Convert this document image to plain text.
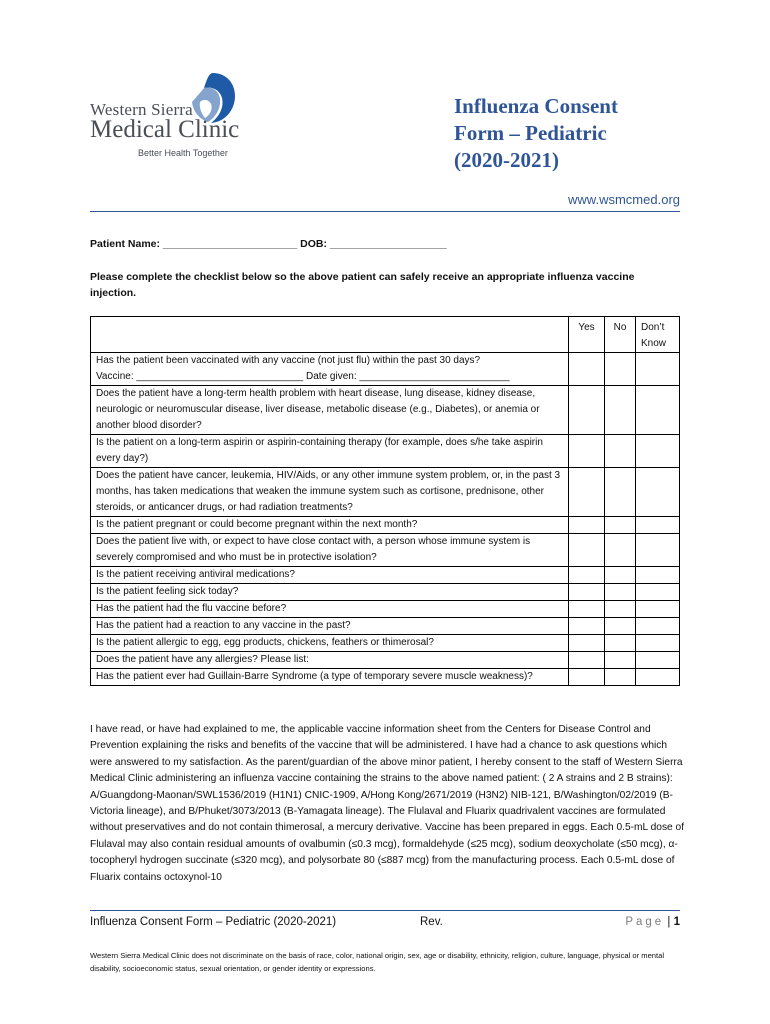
Western Sierra
Medical Clinic
Better Health Together
Influenza Consent
Form – Pediatric
(2020-2021)
www.wsmcmed.org
Patient Name: _______________________ DOB: ____________________
Please complete the checklist below so the above patient can safely receive an appropriate influenza vaccine injection.
	Yes	No	Don’t Know

Has the patient been vaccinated with any vaccine (not just flu) within the past 30 days?
Vaccine: ______________________________ Date given: ___________________________			

Does the patient have a long-term health problem with heart disease, lung disease, kidney disease, neurologic or neuromuscular disease, liver disease, metabolic disease (e.g., Diabetes), or anemia or another blood disorder?			
Is the patient on a long-term aspirin or aspirin-containing therapy (for example, does s/he take aspirin every day?)			
Does the patient have cancer, leukemia, HIV/Aids, or any other immune system problem, or, in the past 3 months, has taken medications that weaken the immune system such as cortisone, prednisone, other steroids, or anticancer drugs, or had radiation treatments?			
Is the patient pregnant or could become pregnant within the next month?			
Does the patient live with, or expect to have close contact with, a person whose immune system is severely compromised and who must be in protective isolation?			
Is the patient receiving antiviral medications?			
Is the patient feeling sick today?			
Has the patient had the flu vaccine before?			
Has the patient had a reaction to any vaccine in the past?			
Is the patient allergic to egg, egg products, chickens, feathers or thimerosal?			
Does the patient have any allergies? Please list:			
Has the patient ever had Guillain-Barre Syndrome (a type of temporary severe muscle weakness)?			
I have read, or have had explained to me, the applicable vaccine information sheet from the Centers for Disease Control and Prevention explaining the risks and benefits of the vaccine that will be administered. I have had a chance to ask questions which were answered to my satisfaction. As the parent/guardian of the above minor patient, I hereby consent to the staff of Western Sierra Medical Clinic administering an influenza vaccine containing the strains to the above named patient: ( 2 A strains and 2 B strains): A/Guangdong-Maonan/SWL1536/2019 (H1N1) CNIC-1909, A/Hong Kong/2671/2019 (H3N2) NIB-121, B/Washington/02/2019 (B-Victoria lineage), and B/Phuket/3073/2013 (B-Yamagata lineage). The Flulaval and Fluarix quadrivalent vaccines are formulated without preservatives and do not contain thimerosal, a mercury derivative. Vaccine has been prepared in eggs. Each 0.5-mL dose of Flulaval may also contain residual amounts of ovalbumin (≤0.3 mcg), formaldehyde (≤25 mcg), sodium deoxycholate (≤50 mcg), α-tocopheryl hydrogen succinate (≤320 mcg), and polysorbate 80 (≤887 mcg) from the manufacturing process. Each 0.5-mL dose of Fluarix contains octoxynol-10
Influenza Consent Form – Pediatric (2020-2021)	Rev.	Page | 1
Western Sierra Medical Clinic does not discriminate on the basis of race, color, national origin, sex, age or disability, ethnicity, religion, culture, language, physical or mental disability, socioeconomic status, sexual orientation, or gender identity or expressions.
